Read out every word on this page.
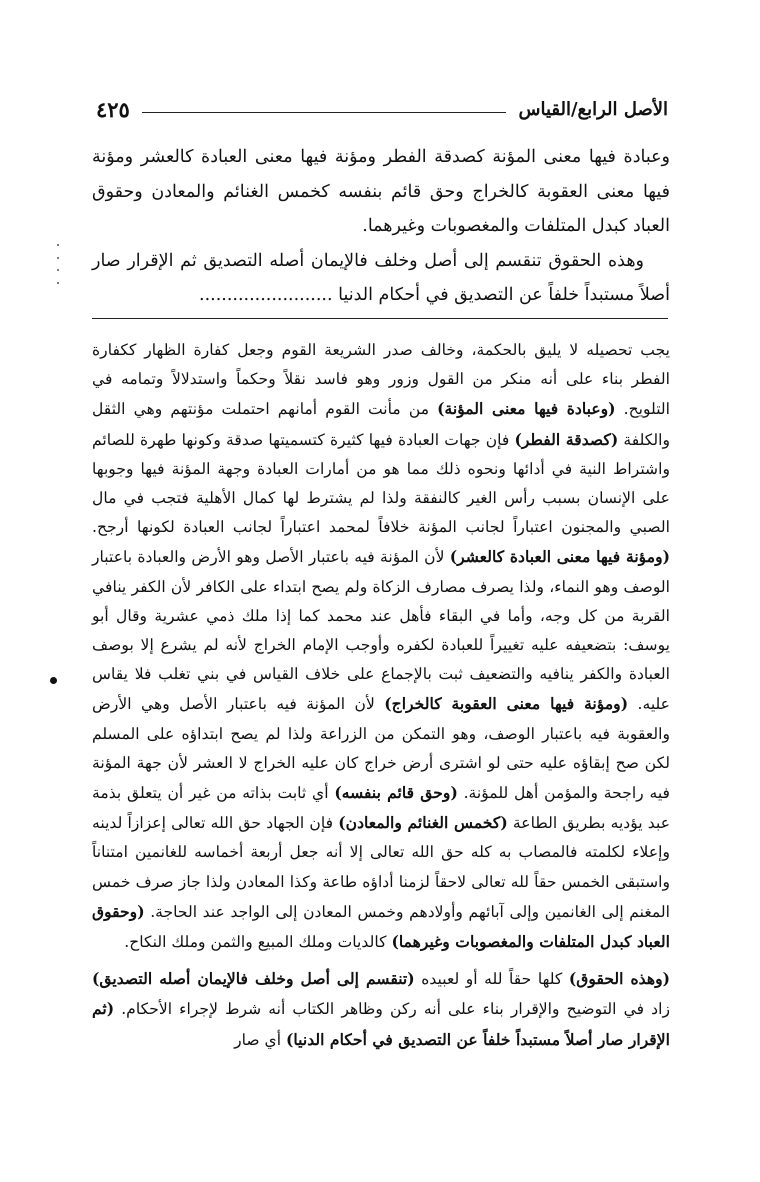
الأصل الرابع/القياس
٤٢٥

وعبادة فيها معنى المؤنة كصدقة الفطر ومؤنة فيها معنى العبادة كالعشر ومؤنة فيها معنى العقوبة كالخراج وحق قائم بنفسه كخمس الغنائم والمعادن وحقوق العباد كبدل المتلفات والمغصوبات وغيرهما.

وهذه الحقوق تنقسم إلى أصل وخلف فالإيمان أصله التصديق ثم الإقرار صار أصلاً مستبداً خلفاً عن التصديق في أحكام الدنيا ........................

يجب تحصيله لا يليق بالحكمة، وخالف صدر الشريعة القوم وجعل كفارة الظهار ككفارة الفطر بناء على أنه منكر من القول وزور وهو فاسد نقلاً وحكماً واستدلالاً وتمامه في التلويح. (وعبادة فيها معنى المؤنة) من مأنت القوم أمانهم احتملت مؤنتهم وهي الثقل والكلفة (كصدقة الفطر) فإن جهات العبادة فيها كثيرة كتسميتها صدقة وكونها طهرة للصائم واشتراط النية في أدائها ونحوه ذلك مما هو من أمارات العبادة وجهة المؤنة فيها وجوبها على الإنسان بسبب رأس الغير كالنفقة ولذا لم يشترط لها كمال الأهلية فتجب في مال الصبي والمجنون اعتباراً لجانب المؤنة خلافاً لمحمد اعتباراً لجانب العبادة لكونها أرجح. (ومؤنة فيها معنى العبادة كالعشر) لأن المؤنة فيه باعتبار الأصل وهو الأرض والعبادة باعتبار الوصف وهو النماء، ولذا يصرف مصارف الزكاة ولم يصح ابتداء على الكافر لأن الكفر ينافي القربة من كل وجه، وأما في البقاء فأهل عند محمد كما إذا ملك ذمي عشرية وقال أبو يوسف: بتضعيفه عليه تغييراً للعبادة لكفره وأوجب الإمام الخراج لأنه لم يشرع إلا بوصف العبادة والكفر ينافيه والتضعيف ثبت بالإجماع على خلاف القياس في بني تغلب فلا يقاس عليه. (ومؤنة فيها معنى العقوبة كالخراج) لأن المؤنة فيه باعتبار الأصل وهي الأرض والعقوبة فيه باعتبار الوصف، وهو التمكن من الزراعة ولذا لم يصح ابتداؤه على المسلم لكن صح إبقاؤه عليه حتى لو اشترى أرض خراج كان عليه الخراج لا العشر لأن جهة المؤنة فيه راجحة والمؤمن أهل للمؤنة. (وحق قائم بنفسه) أي ثابت بذاته من غير أن يتعلق بذمة عبد يؤديه بطريق الطاعة (كخمس الغنائم والمعادن) فإن الجهاد حق الله تعالى إعزازاً لدينه وإعلاء لكلمته فالمصاب به كله حق الله تعالى إلا أنه جعل أربعة أخماسه للغانمين امتناناً واستبقى الخمس حقاً لله تعالى لاحقاً لزمنا أداؤه طاعة وكذا المعادن ولذا جاز صرف خمس المغنم إلى الغانمين وإلى آبائهم وأولادهم وخمس المعادن إلى الواجد عند الحاجة. (وحقوق العباد كبدل المتلفات والمغصوبات وغيرهما) كالديات وملك المبيع والثمن وملك النكاح.

(وهذه الحقوق) كلها حقاً لله أو لعبيده (تنقسم إلى أصل وخلف فالإيمان أصله التصديق) زاد في التوضيح والإقرار بناء على أنه ركن وظاهر الكتاب أنه شرط لإجراء الأحكام. (ثم الإقرار صار أصلاً مستبداً خلفاً عن التصديق في أحكام الدنيا) أي صار
